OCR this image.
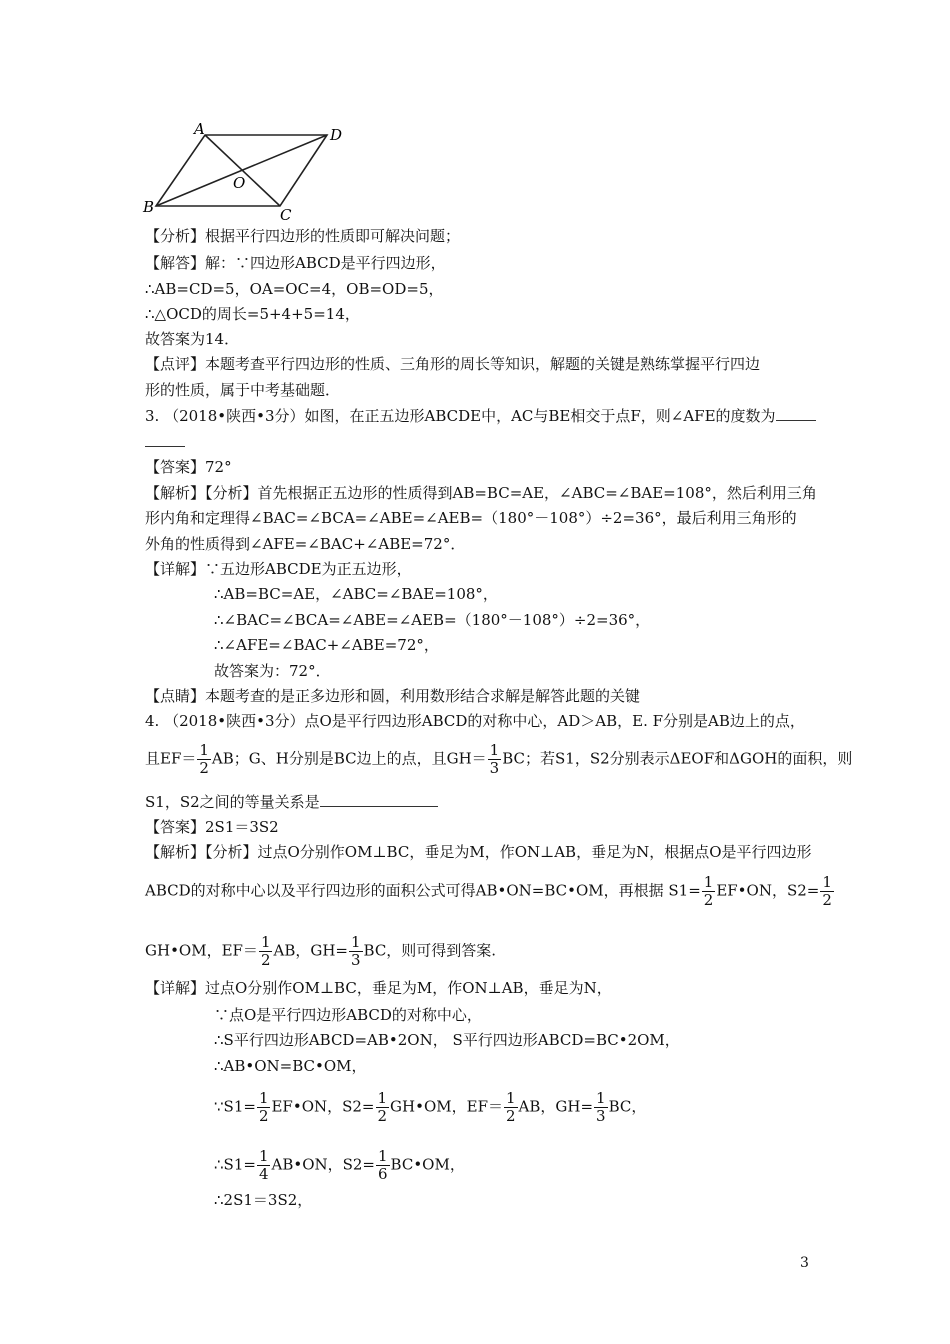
A	D
B	C
O
【分析】根据平行四边形的性质即可解决问题；
【解答】解：∵四边形ABCD是平行四边形，
∴AB=CD=5，OA=OC=4，OB=OD=5，
∴△OCD的周长=5+4+5=14，
故答案为14．
【点评】本题考查平行四边形的性质、三角形的周长等知识，解题的关键是熟练掌握平行四边
形的性质，属于中考基础题．
3. （2018•陕西•3分）如图，在正五边形ABCDE中，AC与BE相交于点F，则∠AFE的度数为
【答案】72°
【解析】【分析】首先根据正五边形的性质得到AB=BC=AE，∠ABC=∠BAE=108°，然后利用三角
形内角和定理得∠BAC=∠BCA=∠ABE=∠AEB=（180°－108°）÷2=36°，最后利用三角形的
外角的性质得到∠AFE=∠BAC+∠ABE=72°．
【详解】∵五边形ABCDE为正五边形，
∴AB=BC=AE，∠ABC=∠BAE=108°，
∴∠BAC=∠BCA=∠ABE=∠AEB=（180°－108°）÷2=36°，
∴∠AFE=∠BAC+∠ABE=72°，
故答案为：72°．
【点睛】本题考查的是正多边形和圆，利用数形结合求解是解答此题的关键
4. （2018•陕西•3分）点O是平行四边形ABCD的对称中心，AD＞AB，E. F分别是AB边上的点，
且$EF= \frac{1}{2}$ AB；G、H分别是BC边上的点，且$GH= \frac{1}{3}$ BC；若S1，S2分别表示ΔEOF和ΔGOH的面积，则
S1，S2之间的等量关系是
【答案】2S1＝3S2
【解析】【分析】过点O分别作OM⊥BC，垂足为M，作ON⊥AB，垂足为N，根据点O是平行四边形
ABCD的对称中心以及平行四边形的面积公式可得AB•ON=BC•OM，再根据 $S1= \frac{1}{2}$ EF•ON，$S2= \frac{1}{2}$
GH•OM，$EF= \frac{1}{2}$ AB，$GH= \frac{1}{3}$ BC，则可得到答案.
【详解】过点O分别作OM⊥BC，垂足为M，作ON⊥AB，垂足为N，
∵点O是平行四边形ABCD的对称中心，
∴S平行四边形ABCD=AB•2ON， S平行四边形ABCD=BC•2OM，
∴AB•ON=BC•OM，
∵S1= $\frac{1}{2}$ EF•ON，$S2= \frac{1}{2}$ GH•OM，$EF= \frac{1}{2}$ AB，$GH= \frac{1}{3}$ BC，
∴S1= $\frac{1}{4}$ AB•ON，$S2= \frac{1}{6}$ BC•OM，
∴2S1＝3S2，
3
